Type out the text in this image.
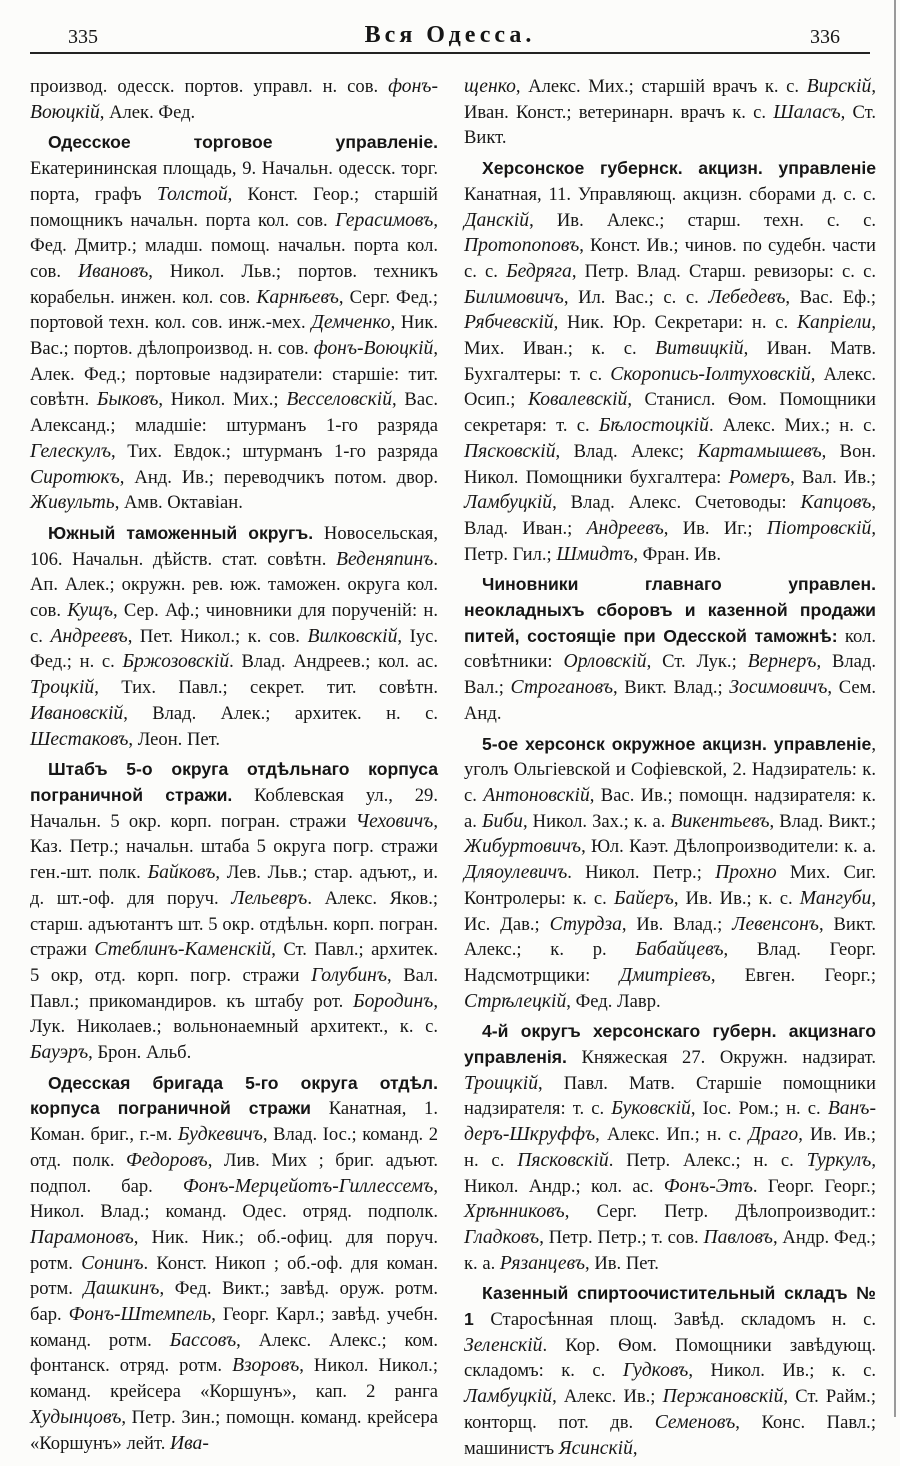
335	Вся Одесса.	336

производ. одесск. портов. управл. н. сов. фонъ-Воюцкій, Алек. Фед.

Одесское торговое управленіе. Екатерининская площадь, 9. Начальн. одесск. торг. порта, графъ Толстой, Конст. Геор.; старшій помощникъ начальн. порта кол. сов. Герасимовъ, Фед. Дмитр.; младш. помощ. начальн. порта кол. сов. Ивановъ, Никол. Льв.; портов. техникъ корабельн. инжен. кол. сов. Карнѣевъ, Серг. Фед.; портовой техн. кол. сов. инж.-мех. Демченко, Ник. Вас.; портов. дѣлопроизвод. н. сов. фонъ-Воюцкій, Алек. Фед.; портовые надзиратели: старшіе: тит. совѣтн. Быковъ, Никол. Мих.; Весселовскій, Вас. Александ.; младшіе: штурманъ 1-го разряда Гелескулъ, Тих. Евдок.; штурманъ 1-го разряда Сиротюкъ, Анд. Ив.; переводчикъ потом. двор. Живульть, Амв. Октавіан.

Южный таможенный округъ. Новосельская, 106. Начальн. дѣйств. стат. совѣтн. Веденяпинъ. Ап. Алек.; окружн. рев. юж. таможен. округа кол. сов. Кущъ, Сер. Аф.; чиновники для порученій: н. с. Андреевъ, Пет. Никол.; к. сов. Вилковскій, Іус. Фед.; н. с. Бржозовскій. Влад. Андреев.; кол. ас. Троцкій, Тих. Павл.; секрет. тит. совѣтн. Ивановскій, Влад. Алек.; архитек. н. с. Шестаковъ, Леон. Пет.

Штабъ 5-о округа отдѣльнаго корпуса пограничной стражи. Коблевская ул., 29. Начальн. 5 окр. корп. погран. стражи Чеховичъ, Каз. Петр.; начальн. штаба 5 округа погр. стражи ген.-шт. полк. Байковъ, Лев. Льв.; стар. адъют,, и. д. шт.-оф. для поруч. Лельевръ. Алекс. Яков.; старш. адъютантъ шт. 5 окр. отдѣльн. корп. погран. стражи Стеблинъ-Каменскій, Ст. Павл.; архитек. 5 окр, отд. корп. погр. стражи Голубинъ, Вал. Павл.; прикомандиров. къ штабу рот. Бородинъ, Лук. Николаев.; вольнонаемный архитект., к. с. Бауэръ, Брон. Альб.

Одесская бригада 5-го округа отдѣл. корпуса пограничной стражи Канатная, 1. Коман. бриг., г.-м. Будкевичъ, Влад. Іос.; команд. 2 отд. полк. Федоровъ, Лив. Мих ; бриг. адъют. подпол. бар. Фонъ-Мерцейотъ-Гиллессемъ, Никол. Влад.; команд. Одес. отряд. подполк. Парамоновъ, Ник. Ник.; об.-офиц. для поруч. ротм. Сонинъ. Конст. Никоп ; об.-оф. для коман. ротм. Дашкинъ, Фед. Викт.; завѣд. оруж. ротм. бар. Фонъ-Штемпель, Георг. Карл.; завѣд. учебн. команд. ротм. Бассовъ, Алекс. Алекс.; ком. фонтанск. отряд. ротм. Взоровъ, Никол. Никол.; команд. крейсера «Коршунъ», кап. 2 ранга Худынцовъ, Петр. Зин.; помощн. команд. крейсера «Коршунъ» лейт. Ива-

щенко, Алекс. Мих.; старшій врачъ к. с. Вирскій, Иван. Конст.; ветеринарн. врачъ к. с. Шаласъ, Ст. Викт.

Херсонское губернск. акцизн. управленіе Канатная, 11. Управляющ. акцизн. сборами д. с. с. Данскій, Ив. Алекс.; старш. техн. с. с. Протопоповъ, Конст. Ив.; чинов. по судебн. части с. с. Бедряга, Петр. Влад. Старш. ревизоры: с. с. Билимовичъ, Ил. Вас.; с. с. Лебедевъ, Вас. Еф.; Рябчевскій, Ник. Юр. Секретари: н. с. Капріели, Мих. Иван.; к. с. Витвицкій, Иван. Матв. Бухгалтеры: т. с. Скоропись-Іолтуховскій, Алекс. Осип.; Ковалевскій, Станисл. Ѳом. Помощники секретаря: т. с. Бѣлостоцкій. Алекс. Мих.; н. с. Пясковскій, Влад. Алекс; Картамышевъ, Вон. Никол. Помощники бухгалтера: Ромеръ, Вал. Ив.; Ламбуцкій, Влад. Алекс. Счетоводы: Капцовъ, Влад. Иван.; Андреевъ, Ив. Иг.; Піотровскій, Петр. Гил.; Шмидтъ, Фран. Ив.

Чиновники главнаго управлен. неокладныхъ сборовъ и казенной продажи питей, состоящіе при Одесской таможнѣ: кол. совѣтники: Орловскій, Ст. Лук.; Вернеръ, Влад. Вал.; Строгановъ, Викт. Влад.; Зосимовичъ, Сем. Анд.

5-ое херсонск окружное акцизн. управленіе, уголъ Ольгіевской и Софіевской, 2. Надзиратель: к. с. Антоновскій, Вас. Ив.; помощн. надзирателя: к. а. Биби, Никол. Зах.; к. а. Викентьевъ, Влад. Викт.; Жибуртовичъ, Юл. Каэт. Дѣлопроизводители: к. а. Дляоулевичъ. Никол. Петр.; Прохно Мих. Сиг. Контролеры: к. с. Байеръ, Ив. Ив.; к. с. Мангуби, Ис. Дав.; Стурдза, Ив. Влад.; Левенсонъ, Викт. Алекс.; к. р. Бабайцевъ, Влад. Георг. Надсмотрщики: Дмитріевъ, Евген. Георг.; Стрѣлецкій, Фед. Лавр.

4-й округъ херсонскаго губерн. акцизнаго управленія. Княжеская 27. Окружн. надзират. Троицкій, Павл. Матв. Старшіе помощники надзирателя: т. с. Буковскій, Іос. Ром.; н. с. Ванъ-деръ-Шкруффъ, Алекс. Ип.; н. с. Драго, Ив. Ив.; н. с. Пясковскій. Петр. Алекс.; н. с. Туркулъ, Никол. Андр.; кол. ас. Фонъ-Этъ. Георг. Георг.; Хрѣнниковъ, Серг. Петр. Дѣлопроизводит.: Гладковъ, Петр. Петр.; т. сов. Павловъ, Андр. Фед.; к. а. Рязанцевъ, Ив. Пет.

Казенный спиртоочистительный складъ № 1 Старосѣнная площ. Завѣд. складомъ н. с. Зеленскій. Кор. Ѳом. Помощники завѣдующ. складомъ: к. с. Гудковъ, Никол. Ив.; к. с. Ламбуцкій, Алекс. Ив.; Пержановскій, Ст. Райм.; конторщ. пот. дв. Семеновъ, Конс. Павл.; машинистъ Ясинскій,
